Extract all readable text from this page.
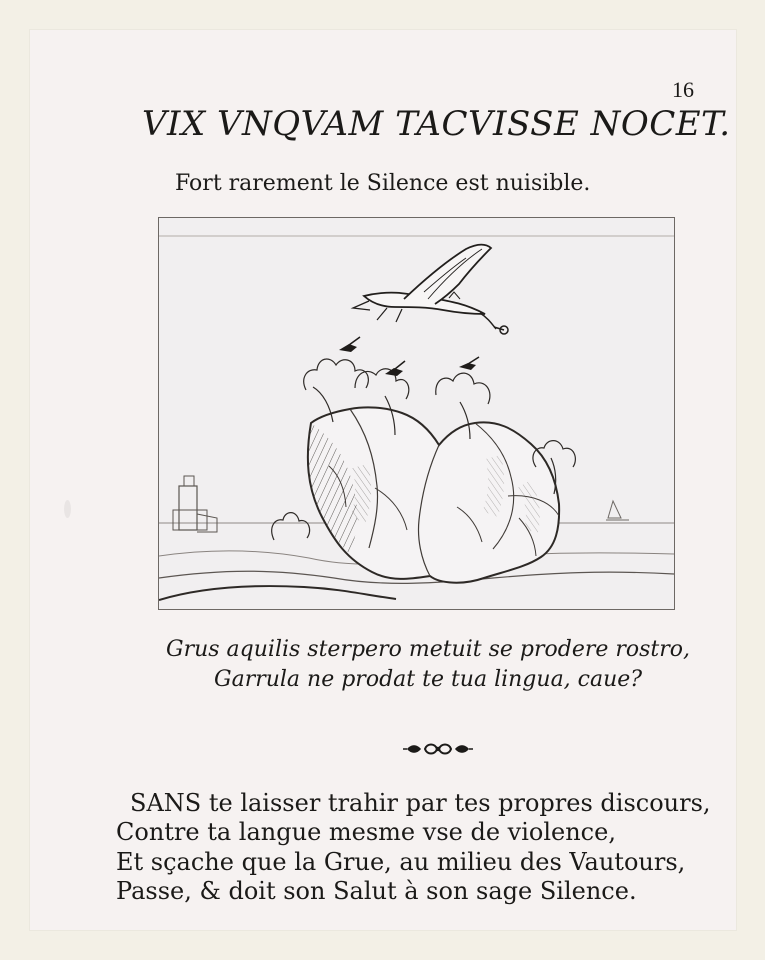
16
VIX VNQVAM TACVISSE NOCET.
Fort rarement le Silence est nuisible.
Grus aquilis sterpero metuit se prodere rostro,
Garrula ne prodat te tua lingua, caue?
SANS te laisser trahir par tes propres discours,
Contre ta langue mesme vse de violence,
Et sçache que la Grue, au milieu des Vautours,
Passe, & doit son Salut à son sage Silence.
